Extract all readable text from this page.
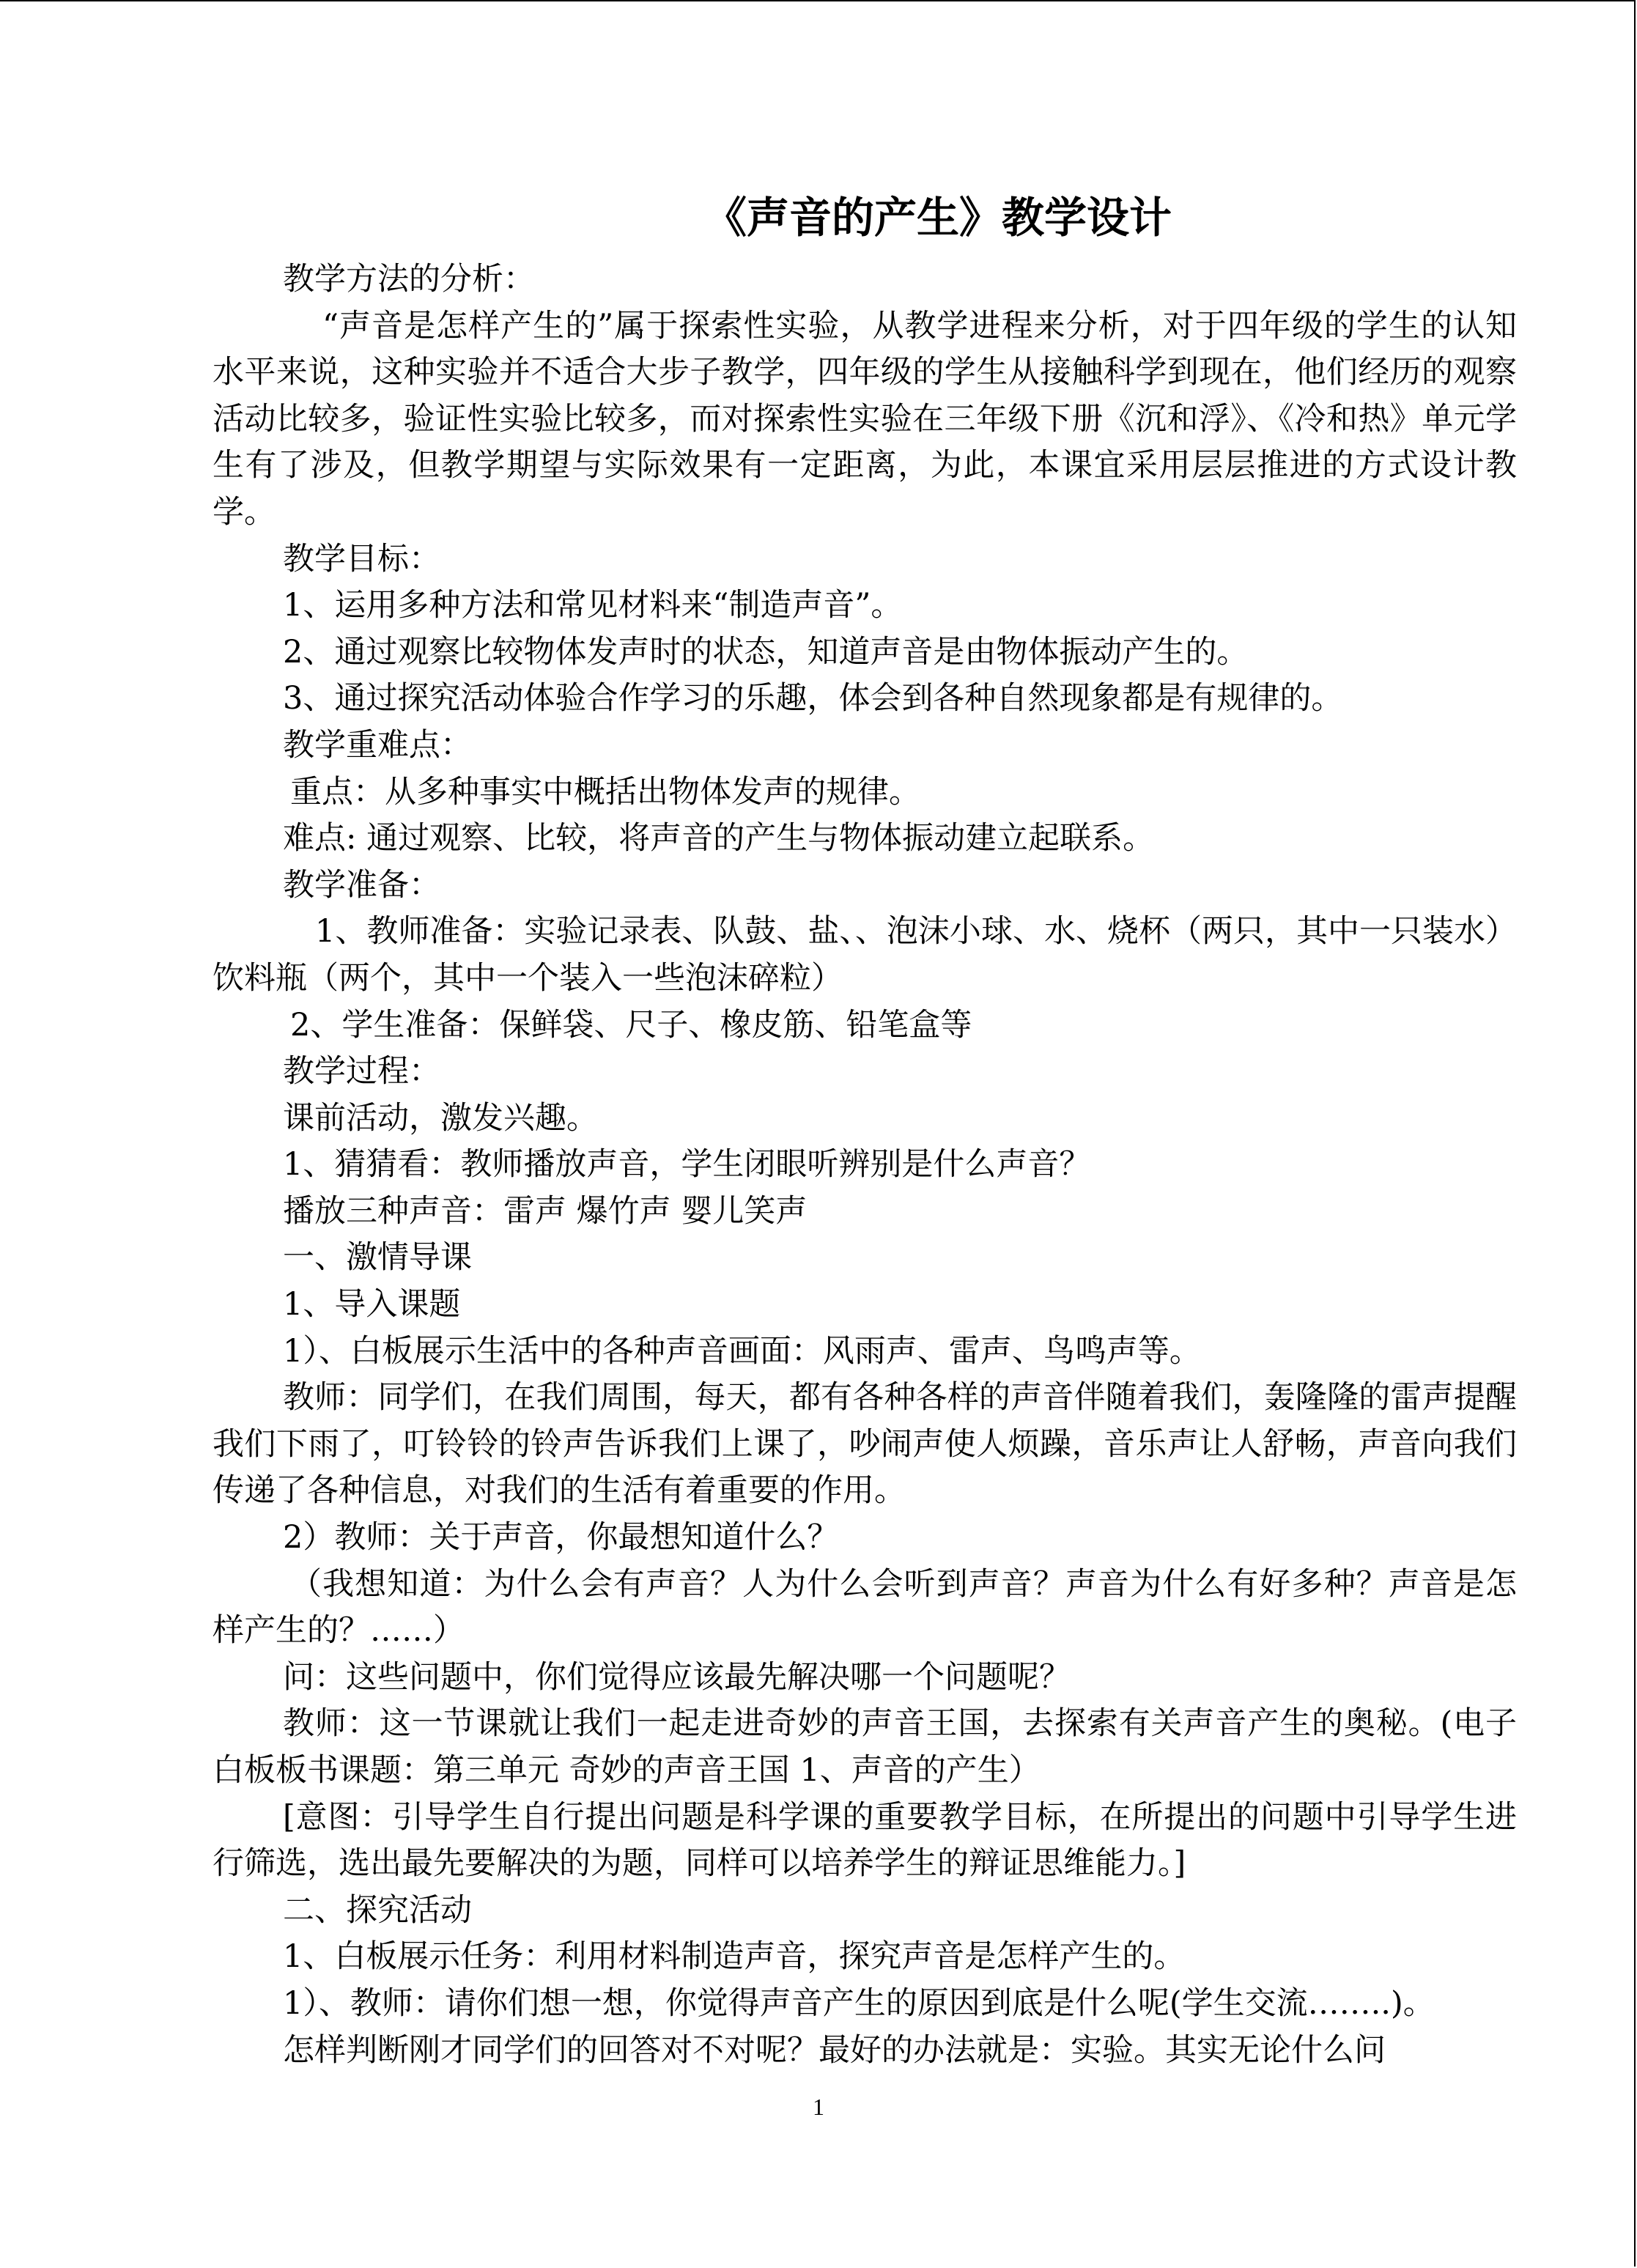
《声音的产生》教学设计

教学方法的分析：

“声音是怎样产生的”属于探索性实验，从教学进程来分析，对于四年级的学生的认知水平来说，这种实验并不适合大步子教学，四年级的学生从接触科学到现在，他们经历的观察活动比较多，验证性实验比较多，而对探索性实验在三年级下册《沉和浮》、《冷和热》单元学生有了涉及，但教学期望与实际效果有一定距离，为此，本课宜采用层层推进的方式设计教学。

教学目标：

1、运用多种方法和常见材料来“制造声音”。

2、通过观察比较物体发声时的状态，知道声音是由物体振动产生的。

3、通过探究活动体验合作学习的乐趣，体会到各种自然现象都是有规律的。

教学重难点：

重点：从多种事实中概括出物体发声的规律。

难点: 通过观察、比较，将声音的产生与物体振动建立起联系。

教学准备：

1、教师准备：实验记录表、队鼓、盐、、泡沫小球、水、烧杯（两只，其中一只装水）饮料瓶（两个，其中一个装入一些泡沫碎粒）

2、学生准备：保鲜袋、尺子、橡皮筋、铅笔盒等

教学过程：

课前活动，激发兴趣。

1、猜猜看：教师播放声音，学生闭眼听辨别是什么声音？

播放三种声音：雷声 爆竹声 婴儿笑声

一、激情导课

1、导入课题

1）、白板展示生活中的各种声音画面：风雨声、雷声、鸟鸣声等。

教师：同学们，在我们周围，每天，都有各种各样的声音伴随着我们，轰隆隆的雷声提醒我们下雨了，叮铃铃的铃声告诉我们上课了，吵闹声使人烦躁，音乐声让人舒畅，声音向我们传递了各种信息，对我们的生活有着重要的作用。

2）教师：关于声音，你最想知道什么？

（我想知道：为什么会有声音？人为什么会听到声音？声音为什么有好多种？声音是怎样产生的？……）

问：这些问题中，你们觉得应该最先解决哪一个问题呢？

教师：这一节课就让我们一起走进奇妙的声音王国，去探索有关声音产生的奥秘。(电子白板板书课题：第三单元 奇妙的声音王国 1、声音的产生）

[意图：引导学生自行提出问题是科学课的重要教学目标，在所提出的问题中引导学生进行筛选，选出最先要解决的为题，同样可以培养学生的辩证思维能力。]

二、探究活动

1、白板展示任务：利用材料制造声音，探究声音是怎样产生的。

1）、教师：请你们想一想，你觉得声音产生的原因到底是什么呢(学生交流……..)。

怎样判断刚才同学们的回答对不对呢？最好的办法就是：实验。其实无论什么问

1
